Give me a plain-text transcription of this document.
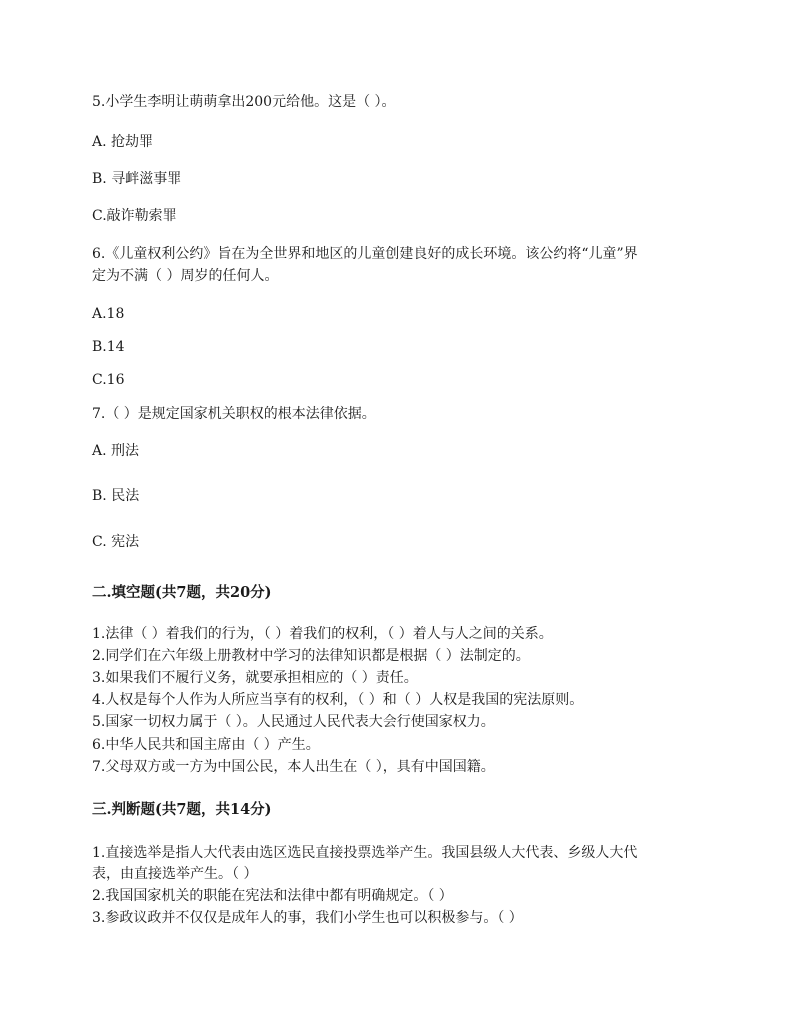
5.小学生李明让萌萌拿出200元给他。这是（ ）。
A. 抢劫罪
B. 寻衅滋事罪
C.敲诈勒索罪
6.《儿童权利公约》旨在为全世界和地区的儿童创建良好的成长环境。该公约将“儿童”界
定为不满（ ）周岁的任何人。
A.18
B.14
C.16
7.（ ）是规定国家机关职权的根本法律依据。
A. 刑法
B. 民法
C. 宪法
二.填空题(共7题，共20分)
1.法律（ ）着我们的行为，（ ）着我们的权利，（ ）着人与人之间的关系。
2.同学们在六年级上册教材中学习的法律知识都是根据（ ）法制定的。
3.如果我们不履行义务，就要承担相应的（ ）责任。
4.人权是每个人作为人所应当享有的权利，（ ）和（ ）人权是我国的宪法原则。
5.国家一切权力属于（ ）。人民通过人民代表大会行使国家权力。
6.中华人民共和国主席由（ ）产生。
7.父母双方或一方为中国公民，本人出生在（ ），具有中国国籍。
三.判断题(共7题，共14分)
1.直接选举是指人大代表由选区选民直接投票选举产生。我国县级人大代表、乡级人大代
表，由直接选举产生。（ ）
2.我国国家机关的职能在宪法和法律中都有明确规定。（ ）
3.参政议政并不仅仅是成年人的事，我们小学生也可以积极参与。（ ）
